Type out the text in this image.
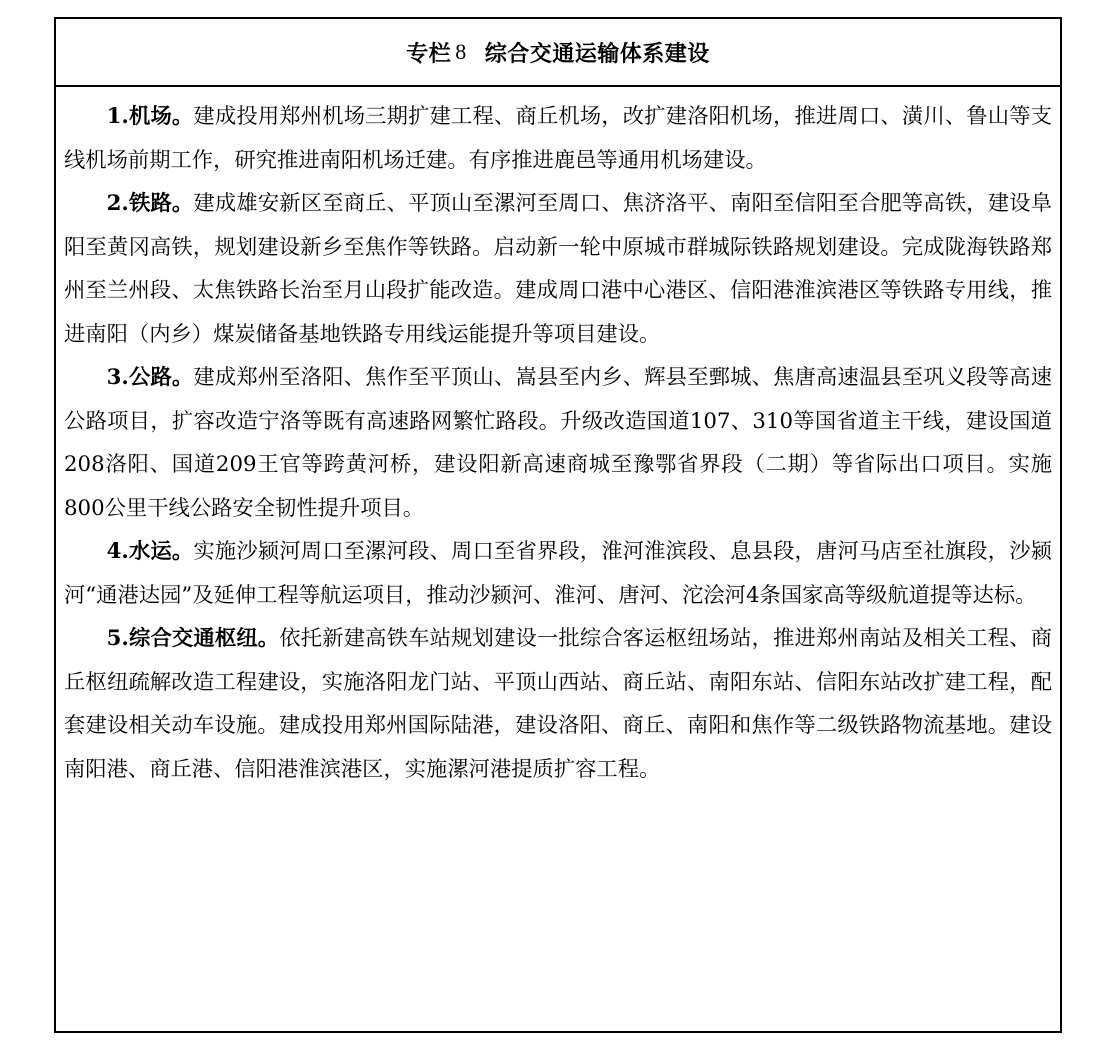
专栏 8 综合交通运输体系建设

1.机场。建成投用郑州机场三期扩建工程、商丘机场，改扩建洛阳机场，推进周口、潢川、鲁山等支线机场前期工作，研究推进南阳机场迁建。有序推进鹿邑等通用机场建设。

2.铁路。建成雄安新区至商丘、平顶山至漯河至周口、焦济洛平、南阳至信阳至合肥等高铁，建设阜阳至黄冈高铁，规划建设新乡至焦作等铁路。启动新一轮中原城市群城际铁路规划建设。完成陇海铁路郑州至兰州段、太焦铁路长治至月山段扩能改造。建成周口港中心港区、信阳港淮滨港区等铁路专用线，推进南阳（内乡）煤炭储备基地铁路专用线运能提升等项目建设。

3.公路。建成郑州至洛阳、焦作至平顶山、嵩县至内乡、辉县至鄄城、焦唐高速温县至巩义段等高速公路项目，扩容改造宁洛等既有高速路网繁忙路段。升级改造国道107、310等国省道主干线，建设国道208洛阳、国道209王官等跨黄河桥，建设阳新高速商城至豫鄂省界段（二期）等省际出口项目。实施800公里干线公路安全韧性提升项目。

4.水运。实施沙颍河周口至漯河段、周口至省界段，淮河淮滨段、息县段，唐河马店至社旗段，沙颍河“通港达园”及延伸工程等航运项目，推动沙颍河、淮河、唐河、沱浍河4条国家高等级航道提等达标。

5.综合交通枢纽。依托新建高铁车站规划建设一批综合客运枢纽场站，推进郑州南站及相关工程、商丘枢纽疏解改造工程建设，实施洛阳龙门站、平顶山西站、商丘站、南阳东站、信阳东站改扩建工程，配套建设相关动车设施。建成投用郑州国际陆港，建设洛阳、商丘、南阳和焦作等二级铁路物流基地。建设南阳港、商丘港、信阳港淮滨港区，实施漯河港提质扩容工程。
